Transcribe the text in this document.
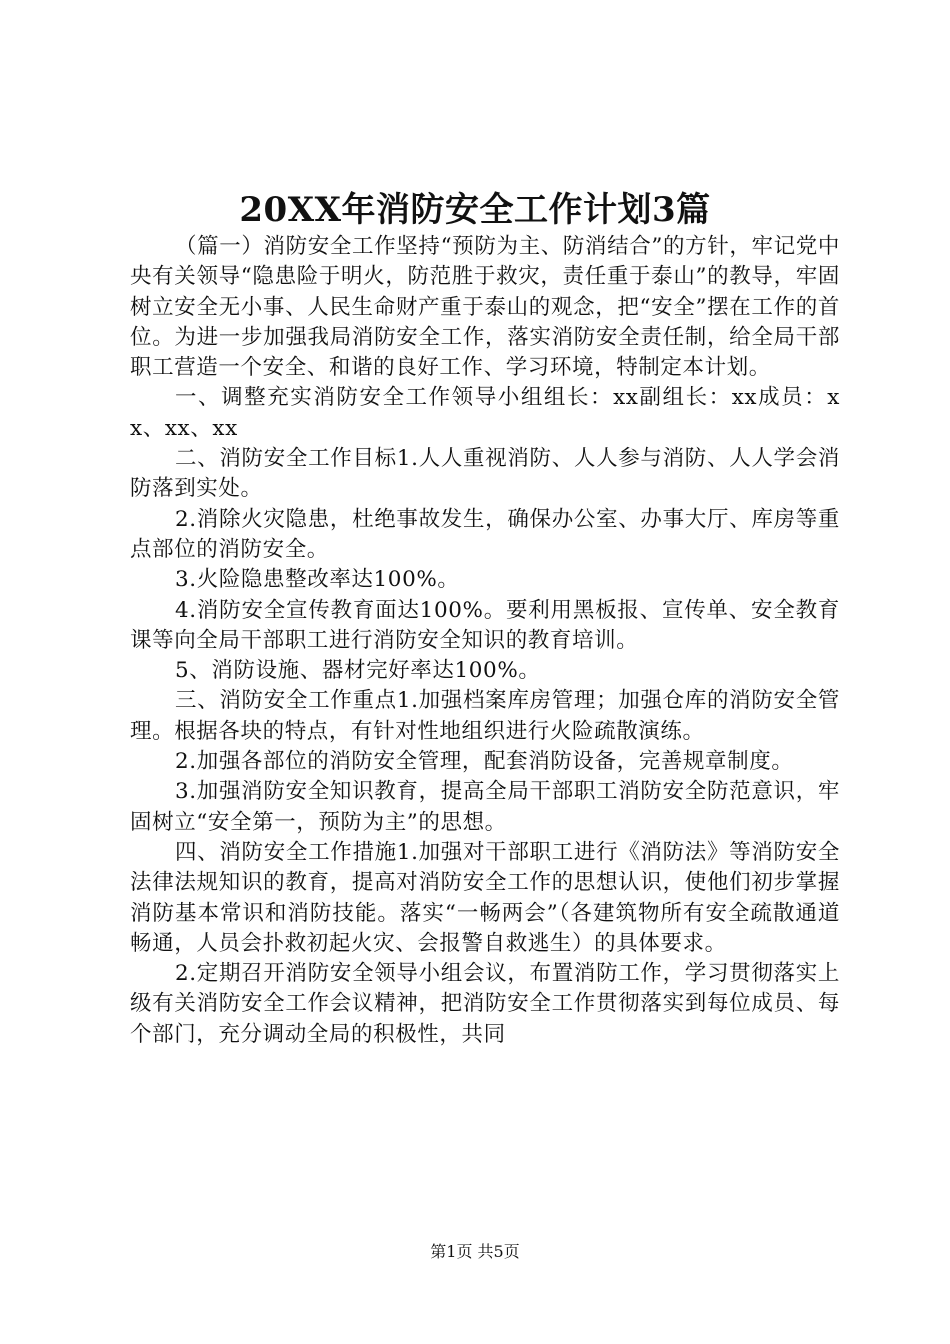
20XX年消防安全工作计划3篇

（篇一）消防安全工作坚持“预防为主、防消结合”的方针，牢记党中央有关领导“隐患险于明火，防范胜于救灾，责任重于泰山”的教导，牢固树立安全无小事、人民生命财产重于泰山的观念，把“安全”摆在工作的首位。为进一步加强我局消防安全工作，落实消防安全责任制，给全局干部职工营造一个安全、和谐的良好工作、学习环境，特制定本计划。

一、调整充实消防安全工作领导小组组长：xx副组长：xx成员：xx、xx、xx

二、消防安全工作目标1.人人重视消防、人人参与消防、人人学会消防落到实处。

2.消除火灾隐患，杜绝事故发生，确保办公室、办事大厅、库房等重点部位的消防安全。

3.火险隐患整改率达100%。

4.消防安全宣传教育面达100%。要利用黑板报、宣传单、安全教育课等向全局干部职工进行消防安全知识的教育培训。

5、消防设施、器材完好率达100%。

三、消防安全工作重点1.加强档案库房管理；加强仓库的消防安全管理。根据各块的特点，有针对性地组织进行火险疏散演练。

2.加强各部位的消防安全管理，配套消防设备，完善规章制度。

3.加强消防安全知识教育，提高全局干部职工消防安全防范意识，牢固树立“安全第一，预防为主”的思想。

四、消防安全工作措施1.加强对干部职工进行《消防法》等消防安全法律法规知识的教育，提高对消防安全工作的思想认识，使他们初步掌握消防基本常识和消防技能。落实“一畅两会”（各建筑物所有安全疏散通道畅通，人员会扑救初起火灾、会报警自救逃生）的具体要求。

2.定期召开消防安全领导小组会议，布置消防工作，学习贯彻落实上级有关消防安全工作会议精神，把消防安全工作贯彻落实到每位成员、每个部门，充分调动全局的积极性，共同

第1页 共5页
